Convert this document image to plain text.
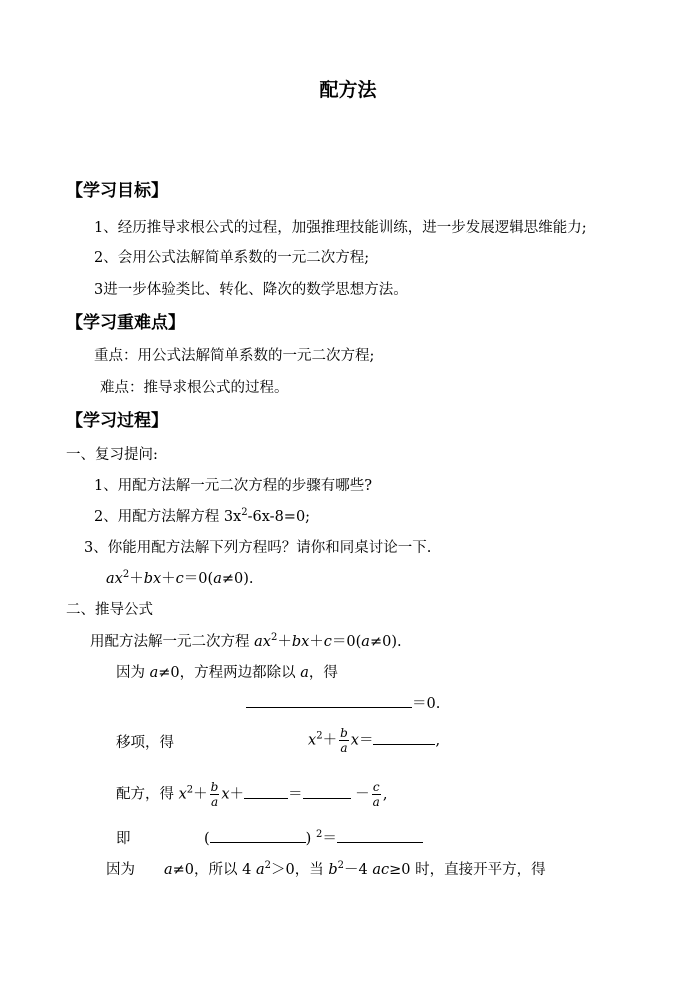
配方法
【学习目标】
1、经历推导求根公式的过程，加强推理技能训练，进一步发展逻辑思维能力;
2、会用公式法解简单系数的一元二次方程;
3进一步体验类比、转化、降次的数学思想方法。
【学习重难点】
重点：用公式法解简单系数的一元二次方程;
难点：推导求根公式的过程。
【学习过程】
一、复习提问:
1、用配方法解一元二次方程的步骤有哪些?
2、用配方法解方程 $3x^2-6x-8=0$;
3、你能用配方法解下列方程吗？请你和同桌讨论一下.
$ax^2+bx+c=0(a\ne 0)$.
二、推导公式
用配方法解一元二次方程 $ax^2+bx+c=0(a\ne 0)$.
因为 a≠0，方程两边都除以 a，得
＝0.
移项，得	$x^2+ \frac{b}{a} x=$	,
配方，得 $x^2+ \frac{b}{a} x+$	＝	－ $\frac{c}{a}$ ,
即	(	) $^2$＝
因为 a≠0，所以 4 $a^2>0$，当 $b^2-4$ ac≥0 时，直接开平方，得
